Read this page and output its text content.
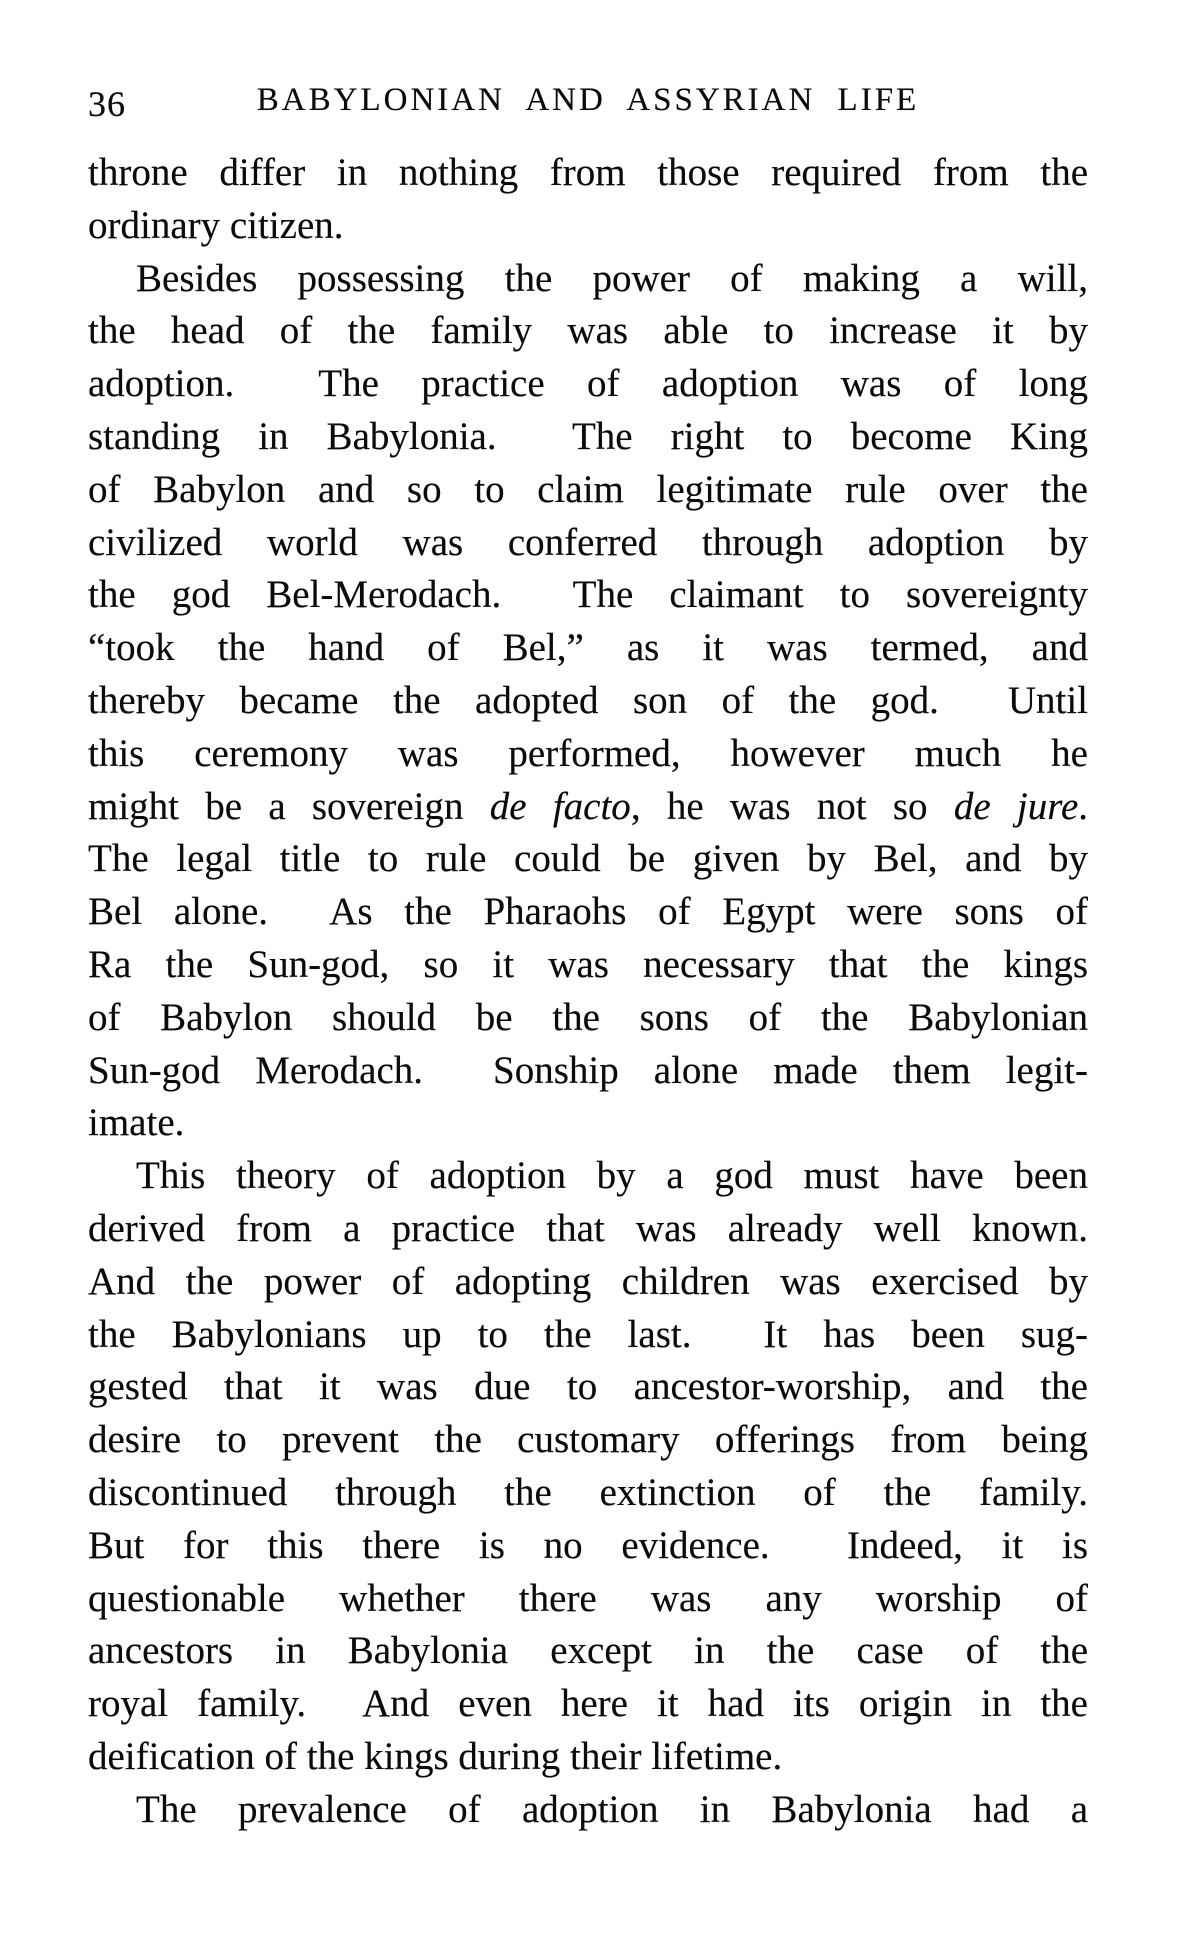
36	BABYLONIAN AND ASSYRIAN LIFE
throne differ in nothing from those required from the
ordinary citizen.
Besides possessing the power of making a will,
the head of the family was able to increase it by
adoption.  The practice of adoption was of long
standing in Babylonia.  The right to become King
of Babylon and so to claim legitimate rule over the
civilized world was conferred through adoption by
the god Bel-Merodach.  The claimant to sovereignty
“took the hand of Bel,” as it was termed, and
thereby became the adopted son of the god.  Until
this ceremony was performed, however much he
might be a sovereign de facto, he was not so de jure.
The legal title to rule could be given by Bel, and by
Bel alone.  As the Pharaohs of Egypt were sons of
Ra the Sun-god, so it was necessary that the kings
of Babylon should be the sons of the Babylonian
Sun-god Merodach.  Sonship alone made them legit-
imate.
This theory of adoption by a god must have been
derived from a practice that was already well known.
And the power of adopting children was exercised by
the Babylonians up to the last.  It has been sug-
gested that it was due to ancestor-worship, and the
desire to prevent the customary offerings from being
discontinued through the extinction of the family.
But for this there is no evidence.  Indeed, it is
questionable whether there was any worship of
ancestors in Babylonia except in the case of the
royal family.  And even here it had its origin in the
deification of the kings during their lifetime.
The prevalence of adoption in Babylonia had a
